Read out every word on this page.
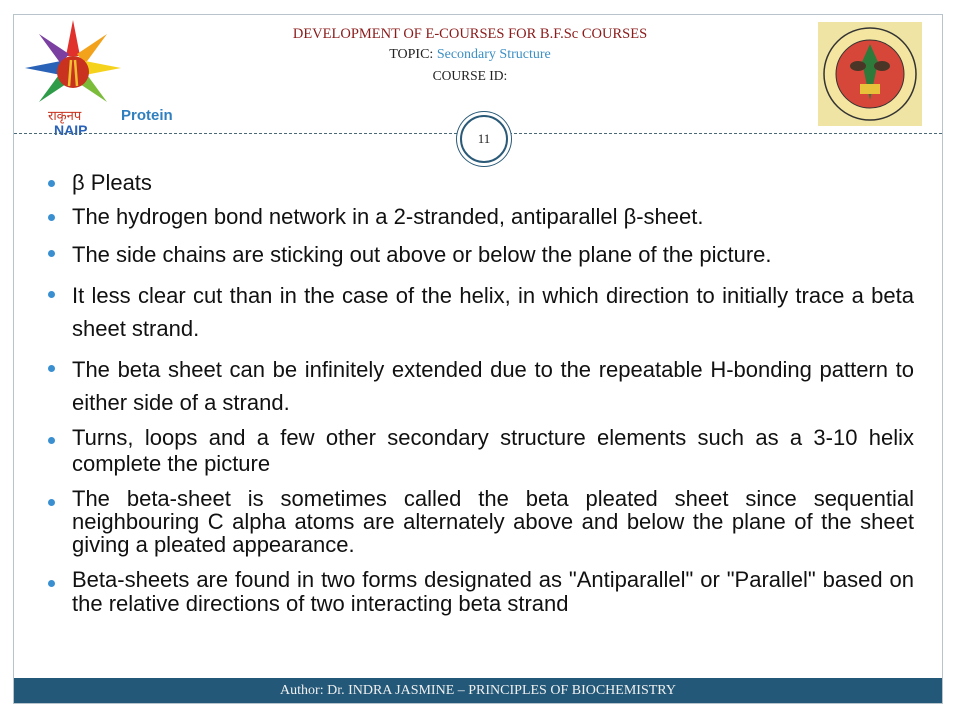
राकृनप
NAIP
DEVELOPMENT OF E-COURSES FOR B.F.Sc COURSES
TOPIC: Secondary Structure
COURSE ID:
Protein
11
β Pleats
The hydrogen bond network in a 2-stranded, antiparallel β-sheet.
The side chains are sticking out above or below the plane of the picture.
It less clear cut than in the case of the helix, in which direction to initially trace a beta sheet strand.
The beta sheet can be infinitely extended due to the repeatable H-bonding pattern to either side of a strand.
Turns, loops and a few other secondary structure elements such as a 3-10 helix complete the picture
The beta-sheet is sometimes called the beta pleated sheet since sequential neighbouring C alpha atoms are alternately above and below the plane of the sheet giving a pleated appearance.
Beta-sheets are found in two forms designated as "Antiparallel" or "Parallel" based on the relative directions of two interacting beta strand
Author: Dr. INDRA JASMINE – PRINCIPLES OF BIOCHEMISTRY
